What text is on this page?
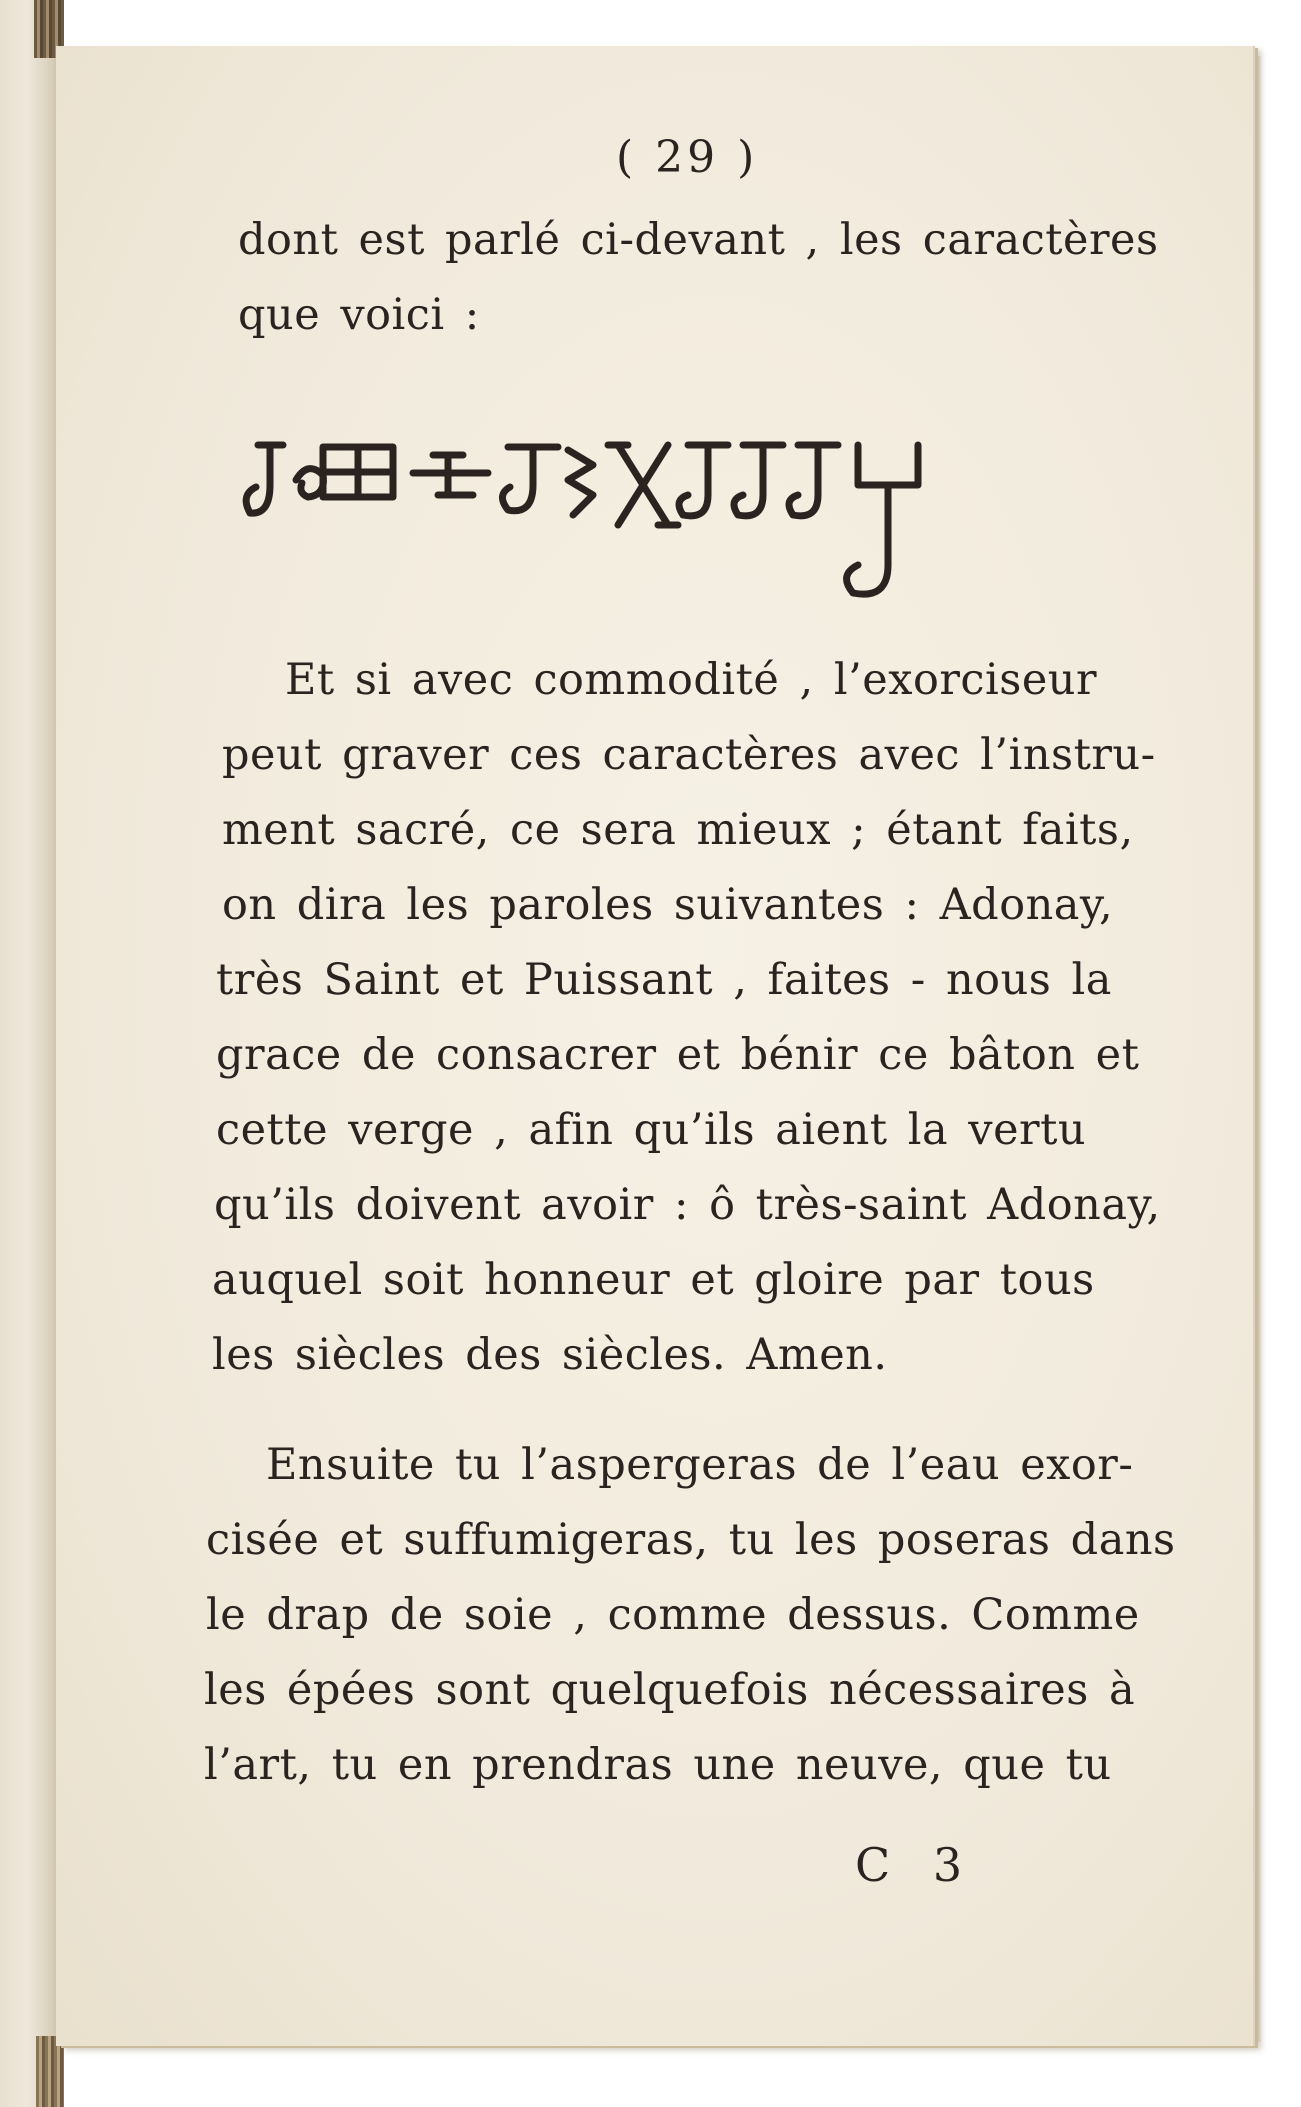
( 29 )
dont est parlé ci-devant , les caractères
que voici :
Et si avec commodité , l’exorciseur
peut graver ces caractères avec l’instru-
ment sacré, ce sera mieux ; étant faits,
on dira les paroles suivantes : Adonay,
très Saint et Puissant , faites - nous la
grace de consacrer et bénir ce bâton et
cette verge , afin qu’ils aient la vertu
qu’ils doivent avoir : ô très-saint Adonay,
auquel soit honneur et gloire par tous
les siècles des siècles. Amen.
Ensuite tu l’aspergeras de l’eau exor-
cisée et suffumigeras, tu les poseras dans
le drap de soie , comme dessus. Comme
les épées sont quelquefois nécessaires à
l’art, tu en prendras une neuve, que tu
C 3
